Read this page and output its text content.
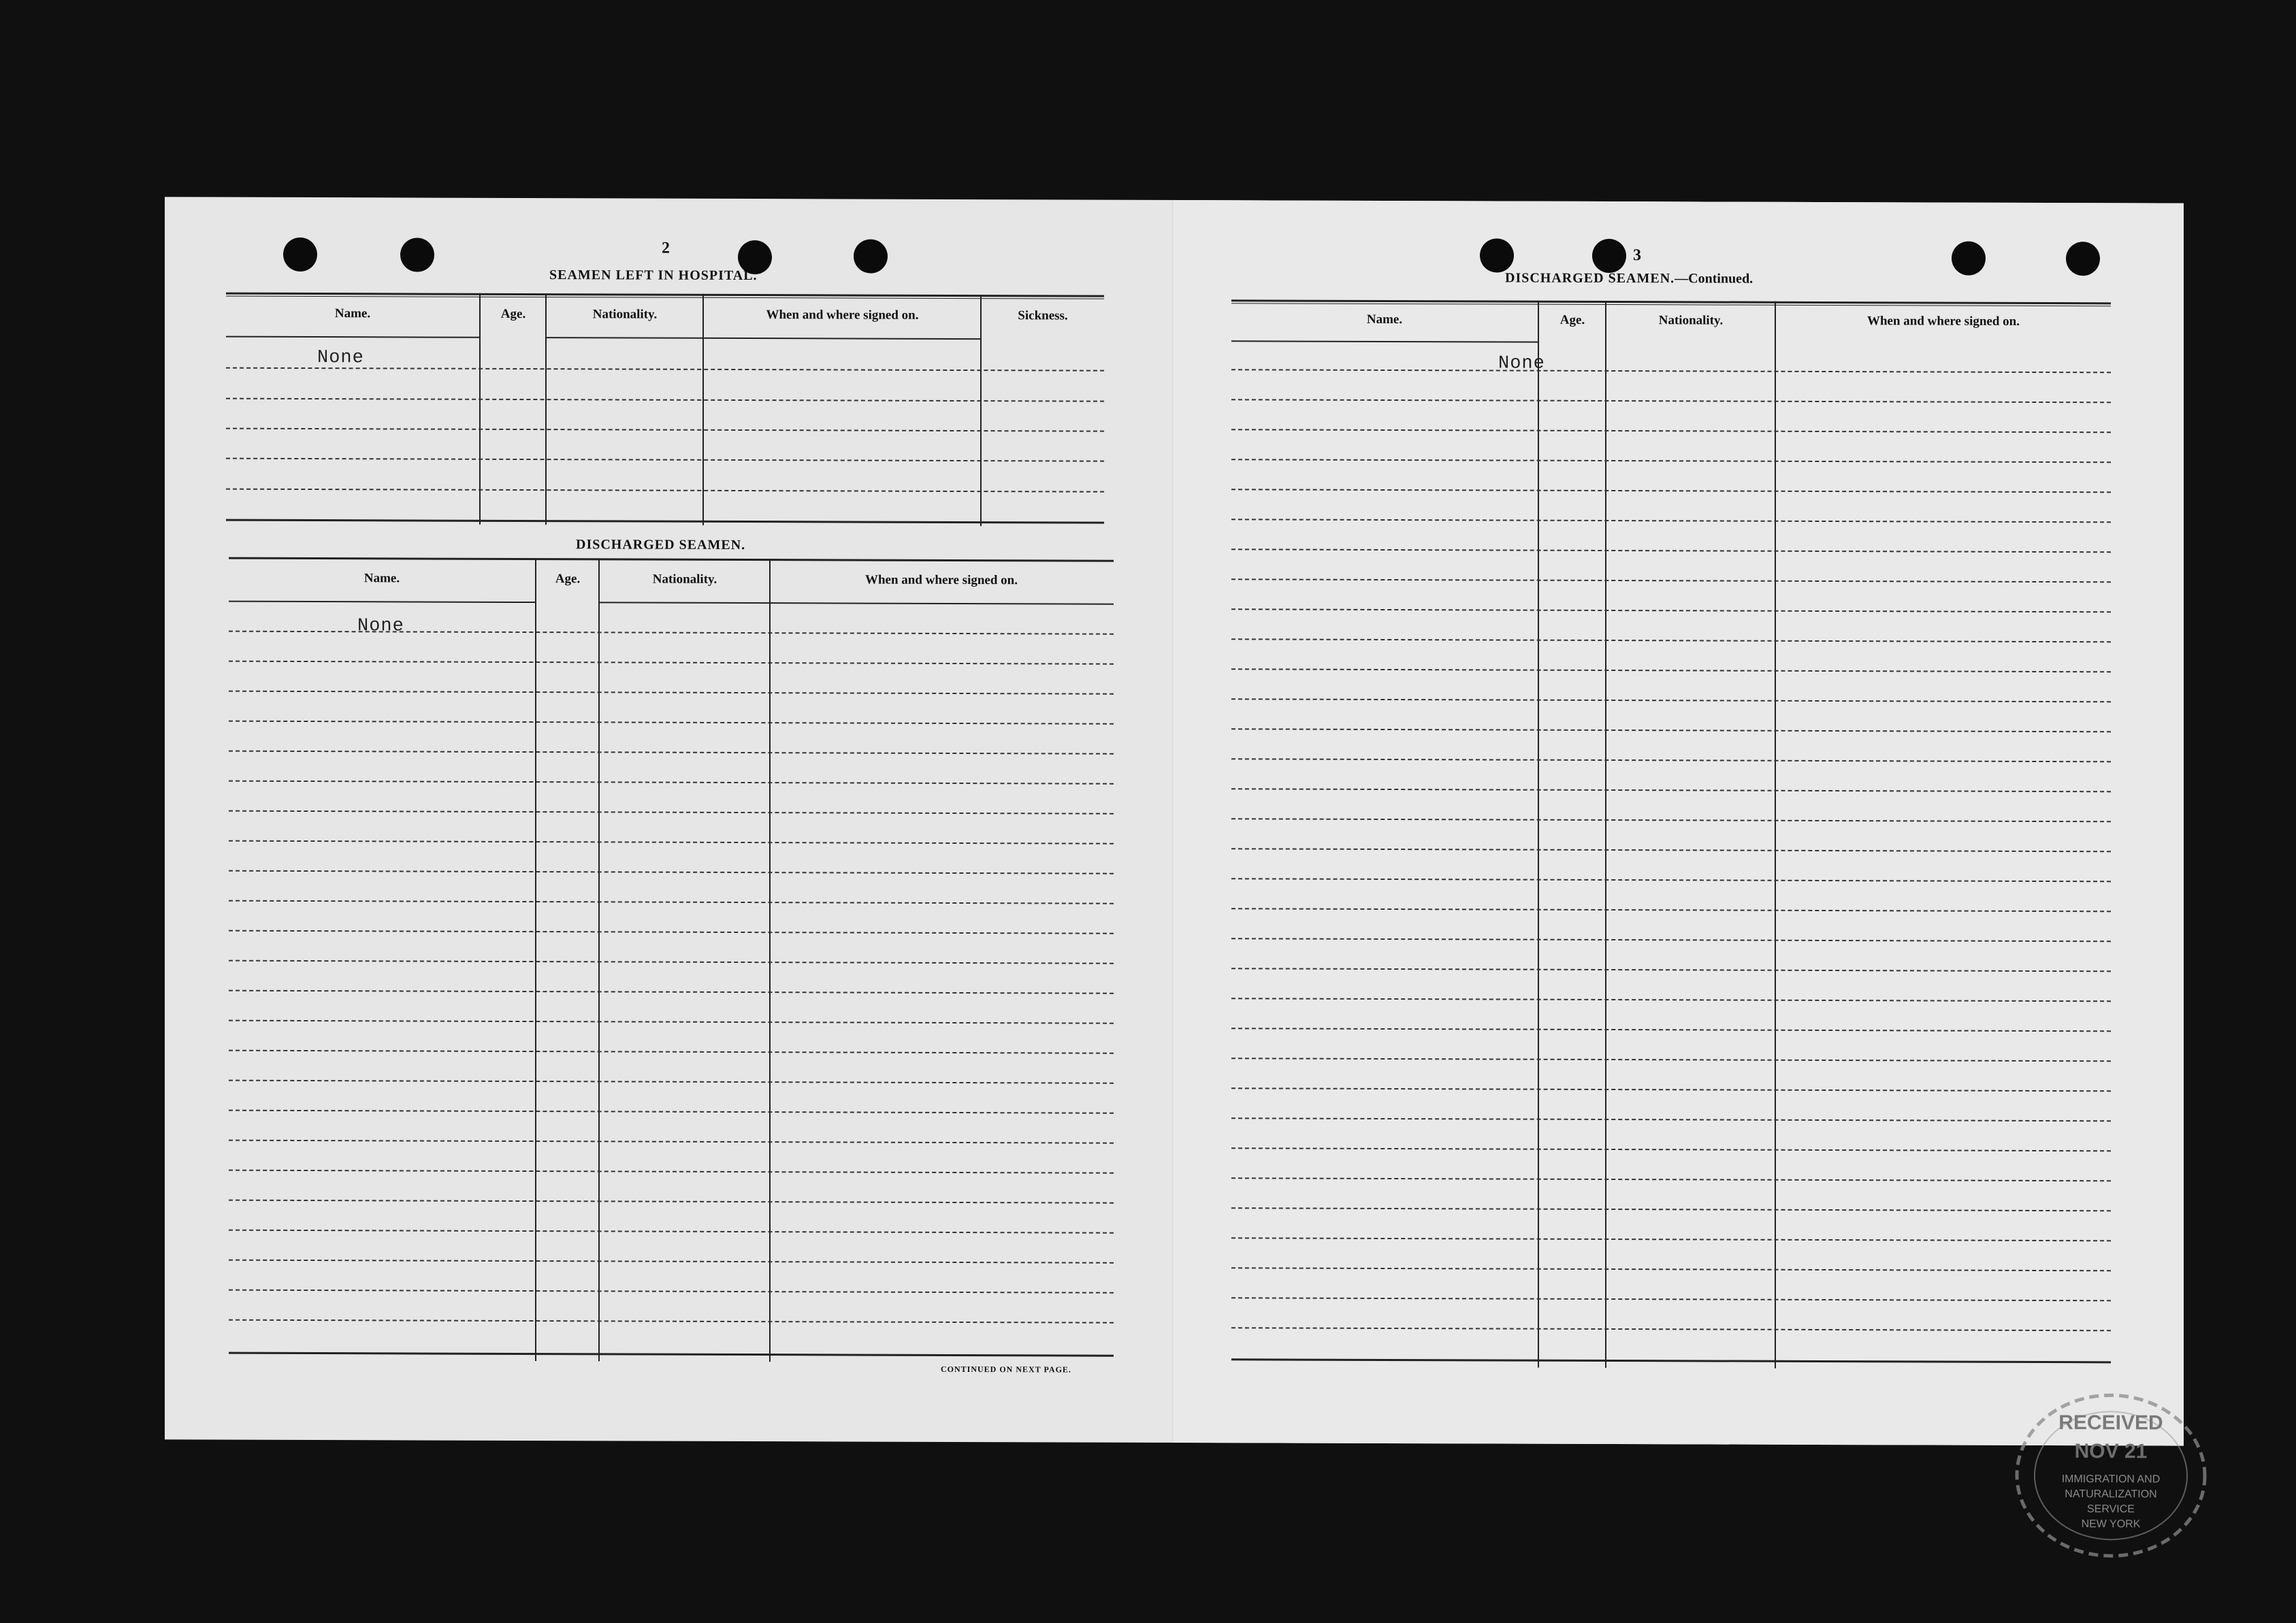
2
SEAMEN LEFT IN HOSPITAL.
Name.	Age.	Nationality.	When and where signed on.	Sickness.
None
DISCHARGED SEAMEN.
Name.	Age.	Nationality.	When and where signed on.
None
CONTINUED ON NEXT PAGE.
3
DISCHARGED SEAMEN.—Continued.
Name.	Age.	Nationality.	When and where signed on.
None
RECEIVED
NOV 21
IMMIGRATION AND
NATURALIZATION
SERVICE
NEW YORK
